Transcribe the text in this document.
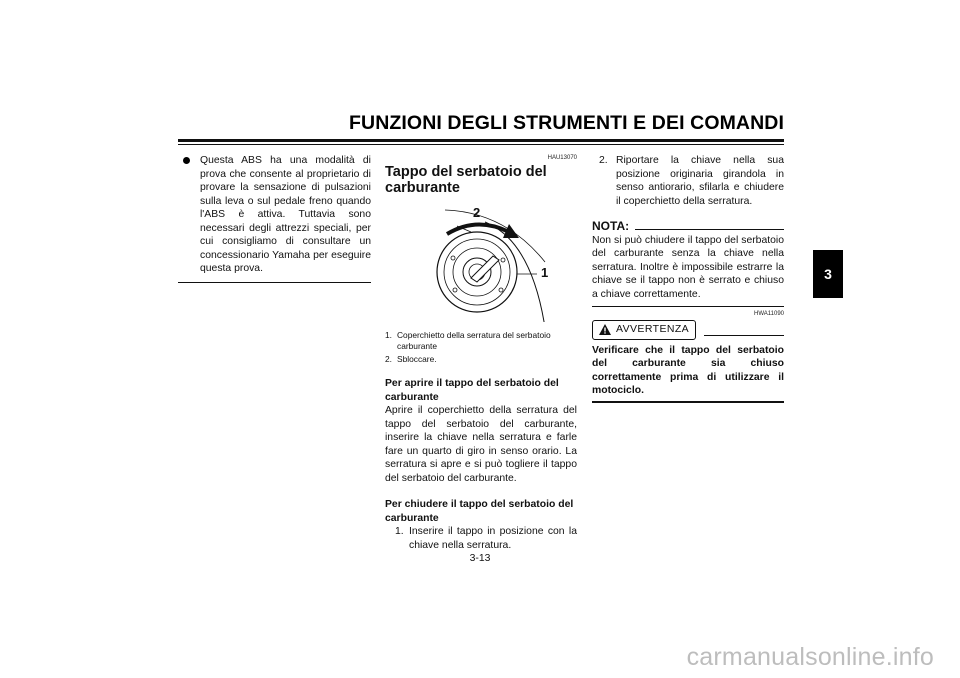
FUNZIONI DEGLI STRUMENTI E DEI COMANDI
3
Questa ABS ha una modalità di prova che consente al proprietario di provare la sensazione di pulsazioni sulla leva o sul pedale freno quando l'ABS è attiva. Tuttavia sono necessari degli attrezzi speciali, per cui consigliamo di consultare un concessionario Yamaha per eseguire questa prova.
HAU13070
Tappo del serbatoio del carburante
2
1
1. Coperchietto della serratura del serbatoio carburante
2. Sbloccare.
Per aprire il tappo del serbatoio del carburante
Aprire il coperchietto della serratura del tappo del serbatoio del carburante, inserire la chiave nella serratura e farle fare un quarto di giro in senso orario. La serratura si apre e si può togliere il tappo del serbatoio del carburante.
Per chiudere il tappo del serbatoio del carburante
1. Inserire il tappo in posizione con la chiave nella serratura.
2. Riportare la chiave nella sua posizione originaria girandola in senso antiorario, sfilarla e chiudere il coperchietto della serratura.
NOTA:
Non si può chiudere il tappo del serbatoio del carburante senza la chiave nella serratura. Inoltre è impossibile estrarre la chiave se il tappo non è serrato e chiuso a chiave correttamente.
HWA11090
AVVERTENZA
Verificare che il tappo del serbatoio del carburante sia chiuso correttamente prima di utilizzare il motociclo.
3-13
carmanualsonline.info
